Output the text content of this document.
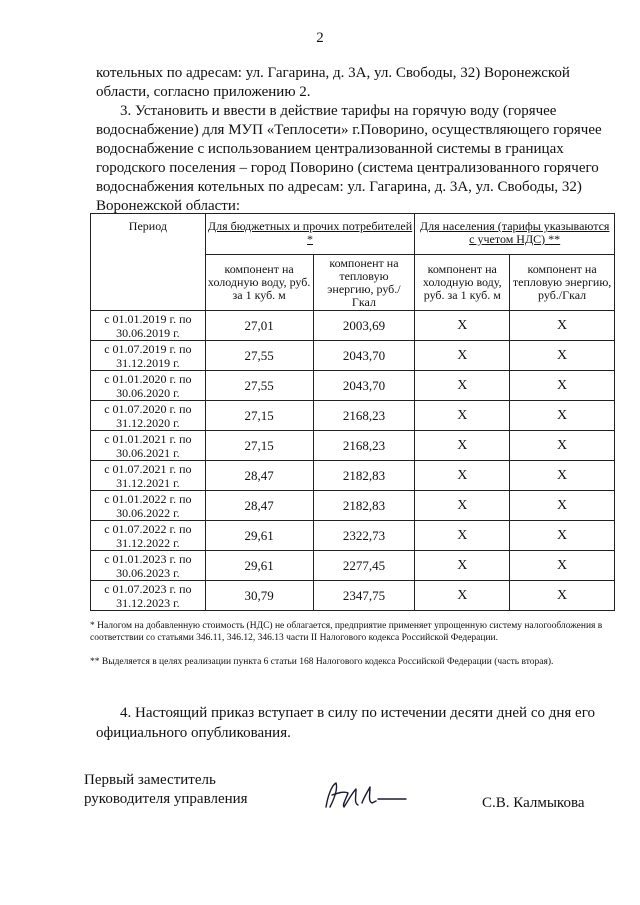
2
котельных по адресам: ул. Гагарина, д. 3А, ул. Свободы, 32) Воронежской
области, согласно приложению 2.
3. Установить и ввести в действие тарифы на горячую воду (горячее
водоснабжение) для МУП «Теплосети» г.Поворино, осуществляющего горячее
водоснабжение с использованием централизованной системы в границах
городского поселения – город Поворино (система централизованного горячего
водоснабжения котельных по адресам: ул. Гагарина, д. 3А, ул. Свободы, 32)
Воронежской области:
Период	Для бюджетных и прочих потребителей *		Для населения (тарифы указываются с учетом НДС) **	
	компонент на холодную воду, руб. за 1 куб. м	компонент на тепловую энергию, руб./Гкал	компонент на холодную воду, руб. за 1 куб. м	компонент на тепловую энергию, руб./Гкал
с 01.01.2019 г. по 30.06.2019 г.	27,01	2003,69	X	X
с 01.07.2019 г. по 31.12.2019 г.	27,55	2043,70	X	X
с 01.01.2020 г. по 30.06.2020 г.	27,55	2043,70	X	X
с 01.07.2020 г. по 31.12.2020 г.	27,15	2168,23	X	X
с 01.01.2021 г. по 30.06.2021 г.	27,15	2168,23	X	X
с 01.07.2021 г. по 31.12.2021 г.	28,47	2182,83	X	X
с 01.01.2022 г. по 30.06.2022 г.	28,47	2182,83	X	X
с 01.07.2022 г. по 31.12.2022 г.	29,61	2322,73	X	X
с 01.01.2023 г. по 30.06.2023 г.	29,61	2277,45	X	X
с 01.07.2023 г. по 31.12.2023 г.	30,79	2347,75	X	X
* Налогом на добавленную стоимость (НДС) не облагается, предприятие применяет упрощенную систему налогообложения в соответствии со статьями 346.11, 346.12, 346.13 части II Налогового кодекса Российской Федерации.
** Выделяется в целях реализации пункта 6 статьи 168 Налогового кодекса Российской Федерации (часть вторая).
4. Настоящий приказ вступает в силу по истечении десяти дней со дня его
официального опубликования.
Первый заместитель
руководителя управления	С.В. Калмыкова
